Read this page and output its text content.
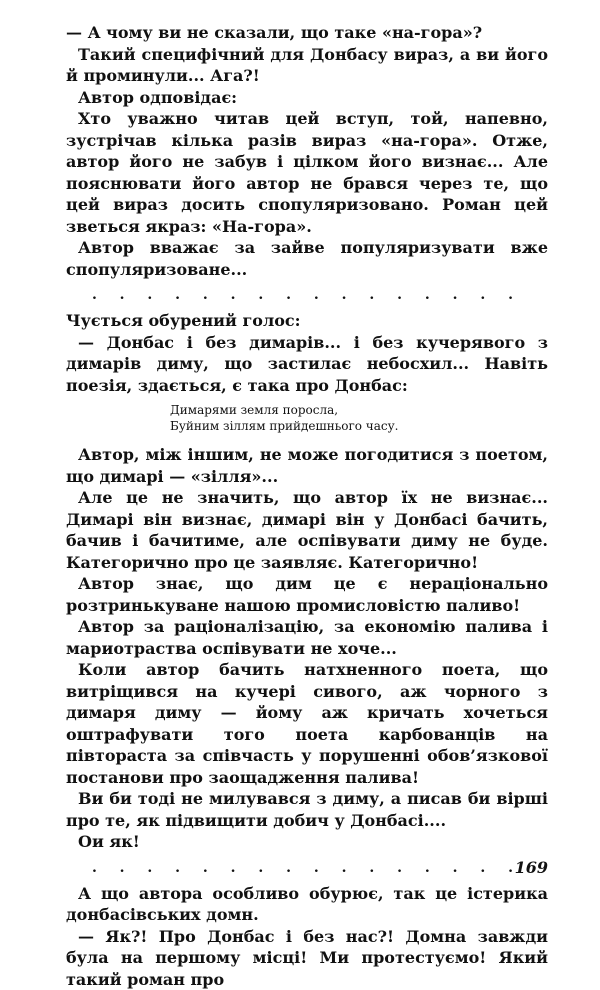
— А чому ви не сказали, що таке «на-гора»?

Такий специфічний для Донбасу вираз, а ви його й проминули... Ага?!

Автор одповідає:

Хто уважно читав цей вступ, той, напевно, зустрічав кілька разів вираз «на-гора». Отже, автор його не забув і цілком його визнає... Але пояснювати його автор не брався через те, що цей вираз досить спопуляризовано. Роман цей зветься якраз: «На-гора».

Автор вважає за зайве популяризувати вже спопуляризоване...

. . . . . . . . . . . . . . . .

Чується обурений голос:

— Донбас і без димарів... і без кучерявого з димарів диму, що застилає небосхил... Навіть поезія, здається, є така про Донбас:

Димарями земля поросла,
Буйним зіллям прийдешнього часу.

Автор, між іншим, не може погодитися з поетом, що димарі — «зілля»...

Але це не значить, що автор їх не визнає... Димарі він визнає, димарі він у Донбасі бачить, бачив і бачитиме, але оспівувати диму не буде. Категорично про це заявляє. Категорично!

Автор знає, що дим це є нераціонально розтринькуване нашою промисловістю паливо!

Автор за раціоналізацію, за економію палива і мариотраства оспівувати не хоче...

Коли автор бачить натхненного поета, що витріщився на кучері сивого, аж чорного з димаря диму — йому аж кричать хочеться оштрафувати того поета карбованців на півтораста за співчасть у порушенні обов’язкової постанови про заощадження палива!

Ви би тоді не милувався з диму, а писав би вірші про те, як підвищити добич у Донбасі....

Ои як!

. . . . . . . . . . . . . . . .

А що автора особливо обурює, так це істерика донбасівських домн.

— Як?! Про Донбас і без нас?! Домна завжди була на першому місці! Ми протестуємо! Який такий роман про

169
